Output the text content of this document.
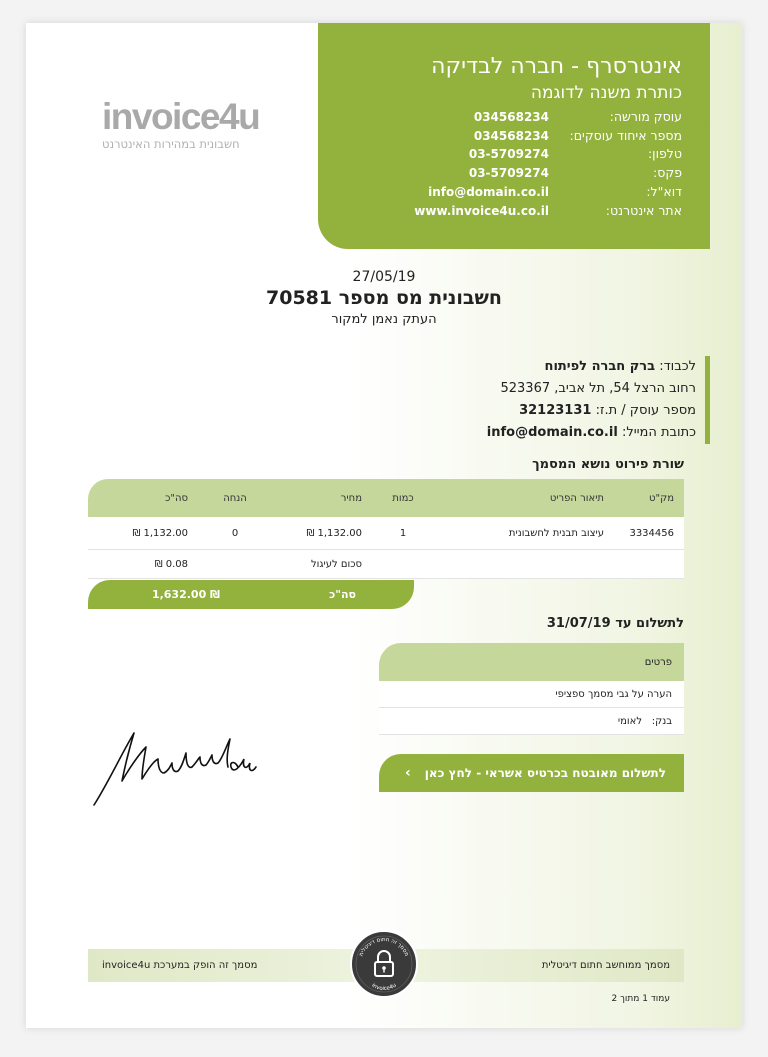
אינטרסרף - חברה לבדיקה
כותרת משנה לדוגמה
עוסק מורשה:
034568234
מספר איחוד עוסקים:
034568234
טלפון:
03-5709274
פקס:
03-5709274
דוא"ל:
info@domain.co.il
אתר אינטרנט:
www.invoice4u.co.il
invoice4u
חשבונית במהירות האינטרנט
27/05/19
חשבונית מס מספר 70581
העתק נאמן למקור
לכבוד: ברק חברה לפיתוח
רחוב הרצל 54, תל אביב, 523367
מספר עוסק / ת.ז: 32123131
כתובת המייל: info@domain.co.il
שורת פירוט נושא המסמך
מק"ט
תיאור הפריט
כמות
מחיר
הנחה
סה"כ
3334456
עיצוב תבנית לחשבונית
1
1,132.00 ₪
0
1,132.00 ₪
סכום לעיגול
0.08 ₪
סה"כ
1,632.00 ₪
לתשלום עד 31/07/19
פרטים
הערה על גבי מסמך ספציפי
בנק:
לאומי
לתשלום מאובטח בכרטיס אשראי - לחץ כאן
›
מסמך ממוחשב חתום דיגיטלית
מסמך זה הופק במערכת invoice4u
מסמך זה חתום דיגיטלית
invoice4u
עמוד 1 מתוך 2
